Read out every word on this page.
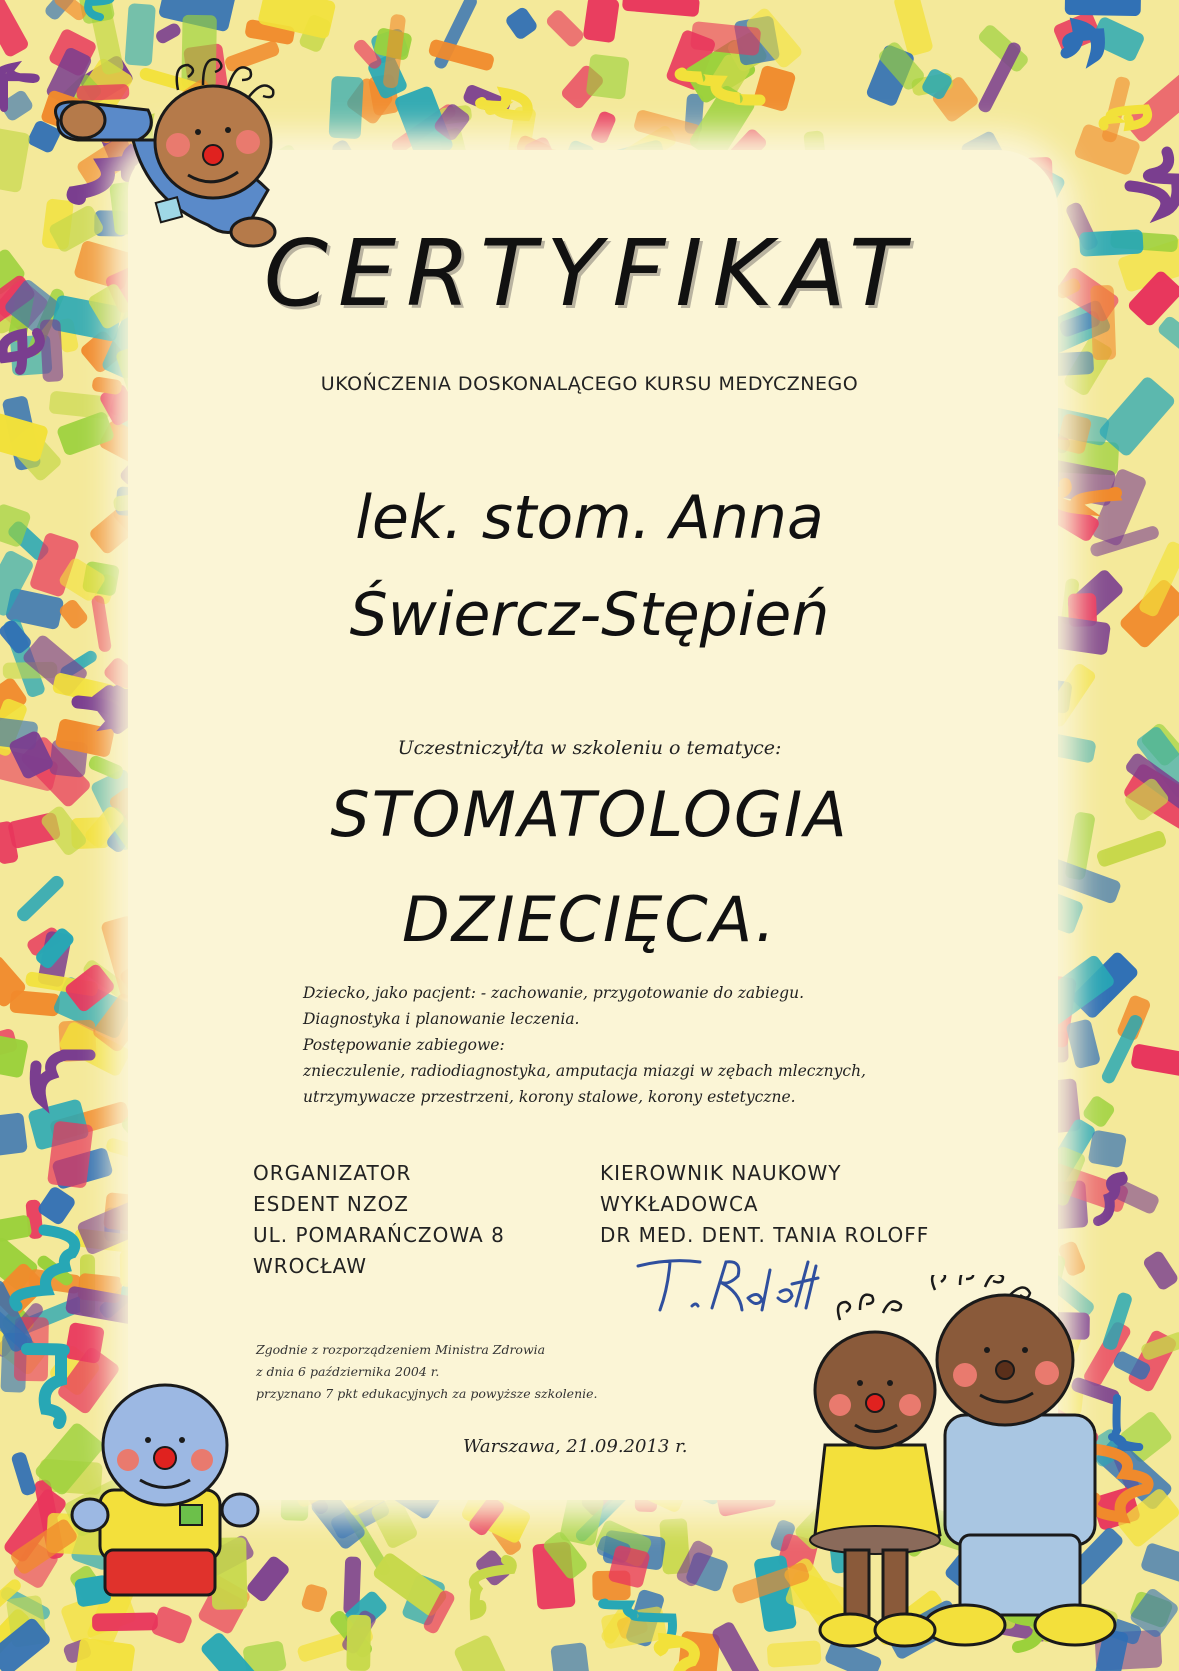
CERTYFIKAT
UKOŃCZENIA DOSKONALĄCEGO KURSU MEDYCZNEGO
lek. stom. Anna
Świercz-Stępień
Uczestniczył/ta w szkoleniu o tematyce:
STOMATOLOGIA
DZIECIĘCA.
Dziecko, jako pacjent: - zachowanie, przygotowanie do zabiegu.
Diagnostyka i planowanie leczenia.
Postępowanie zabiegowe:
znieczulenie, radiodiagnostyka, amputacja miazgi w zębach mlecznych,
utrzymywacze przestrzeni, korony stalowe, korony estetyczne.
ORGANIZATOR
ESDENT NZOZ
UL. POMARAŃCZOWA 8
WROCŁAW
KIEROWNIK NAUKOWY
WYKŁADOWCA
DR MED. DENT. TANIA ROLOFF
Zgodnie z rozporządzeniem Ministra Zdrowia
z dnia 6 października 2004 r.
przyznano 7 pkt edukacyjnych za powyższe szkolenie.
Warszawa, 21.09.2013 r.
